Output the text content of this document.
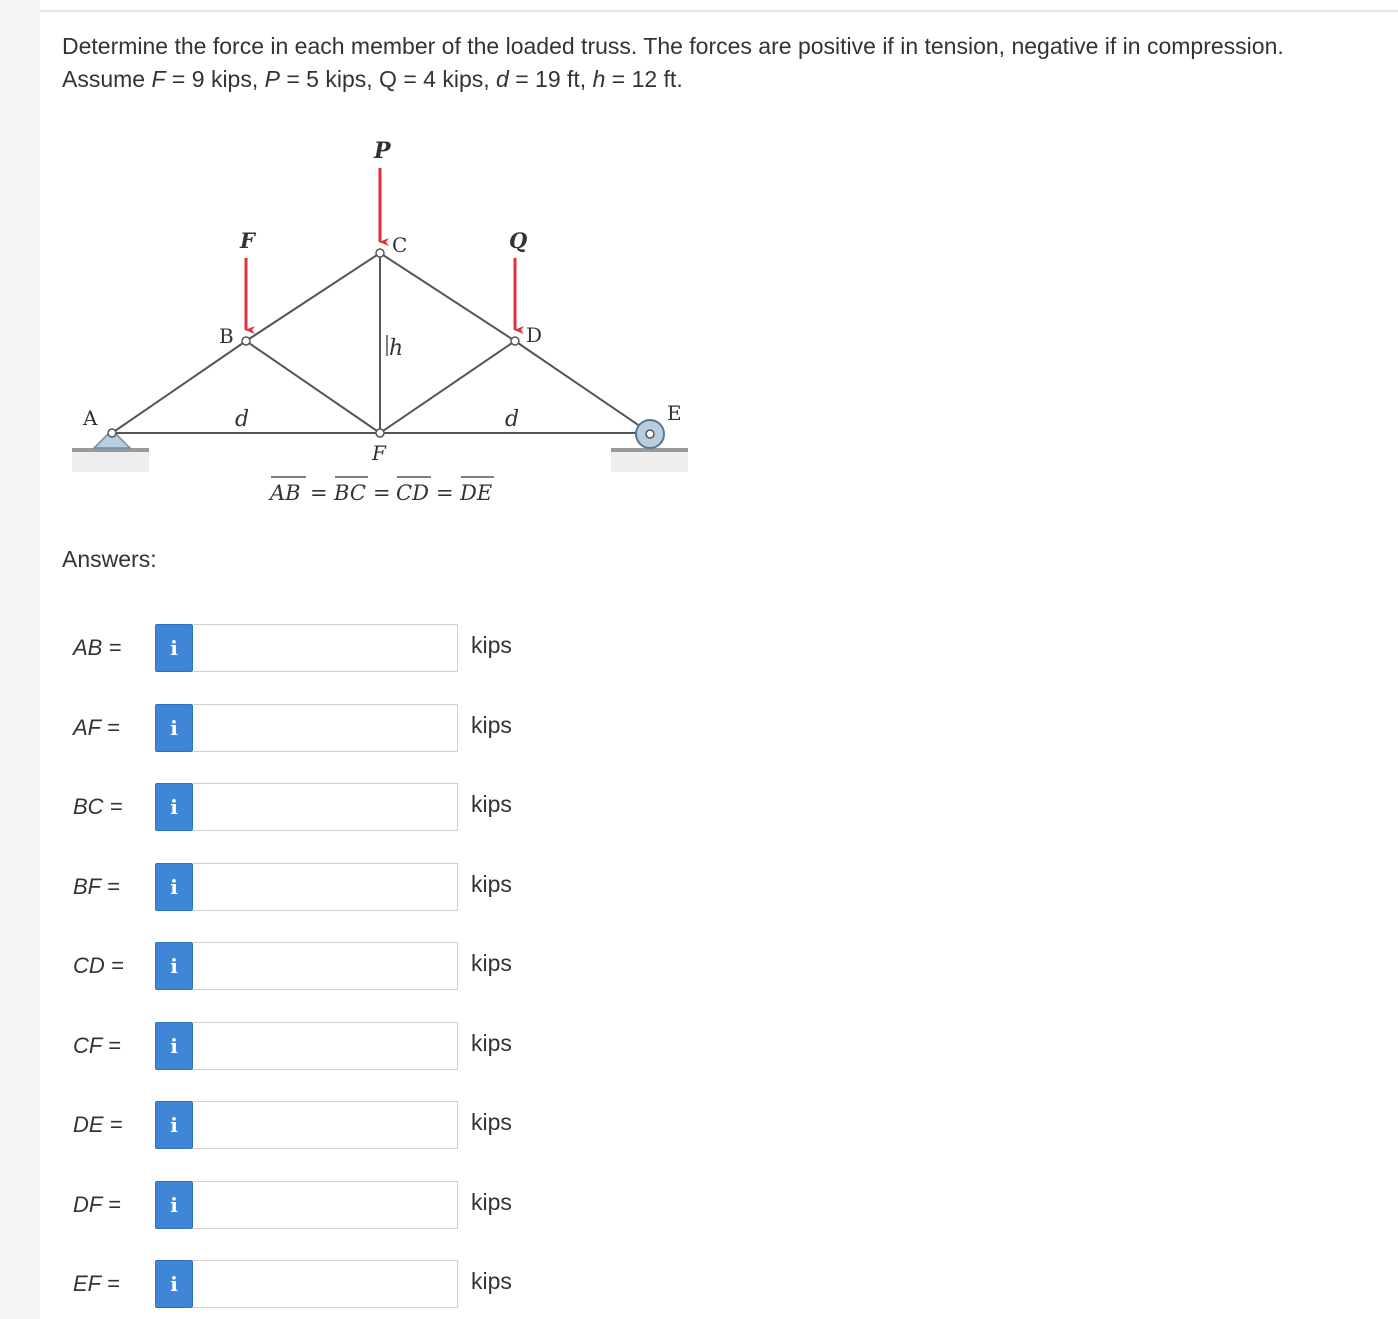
Determine the force in each member of the loaded truss. The forces are positive if in tension, negative if in compression.
Assume F = 9 kips, P = 5 kips, Q = 4 kips, d = 19 ft, h = 12 ft.
P
F	Q
A
B
C
D
E
F
h
d	d
AB = BC = CD = DE
Answers:
AB =	i	kips
AF =	i	kips
BC =	i	kips
BF =	i	kips
CD =	i	kips
CF =	i	kips
DE =	i	kips
DF =	i	kips
EF =	i	kips
